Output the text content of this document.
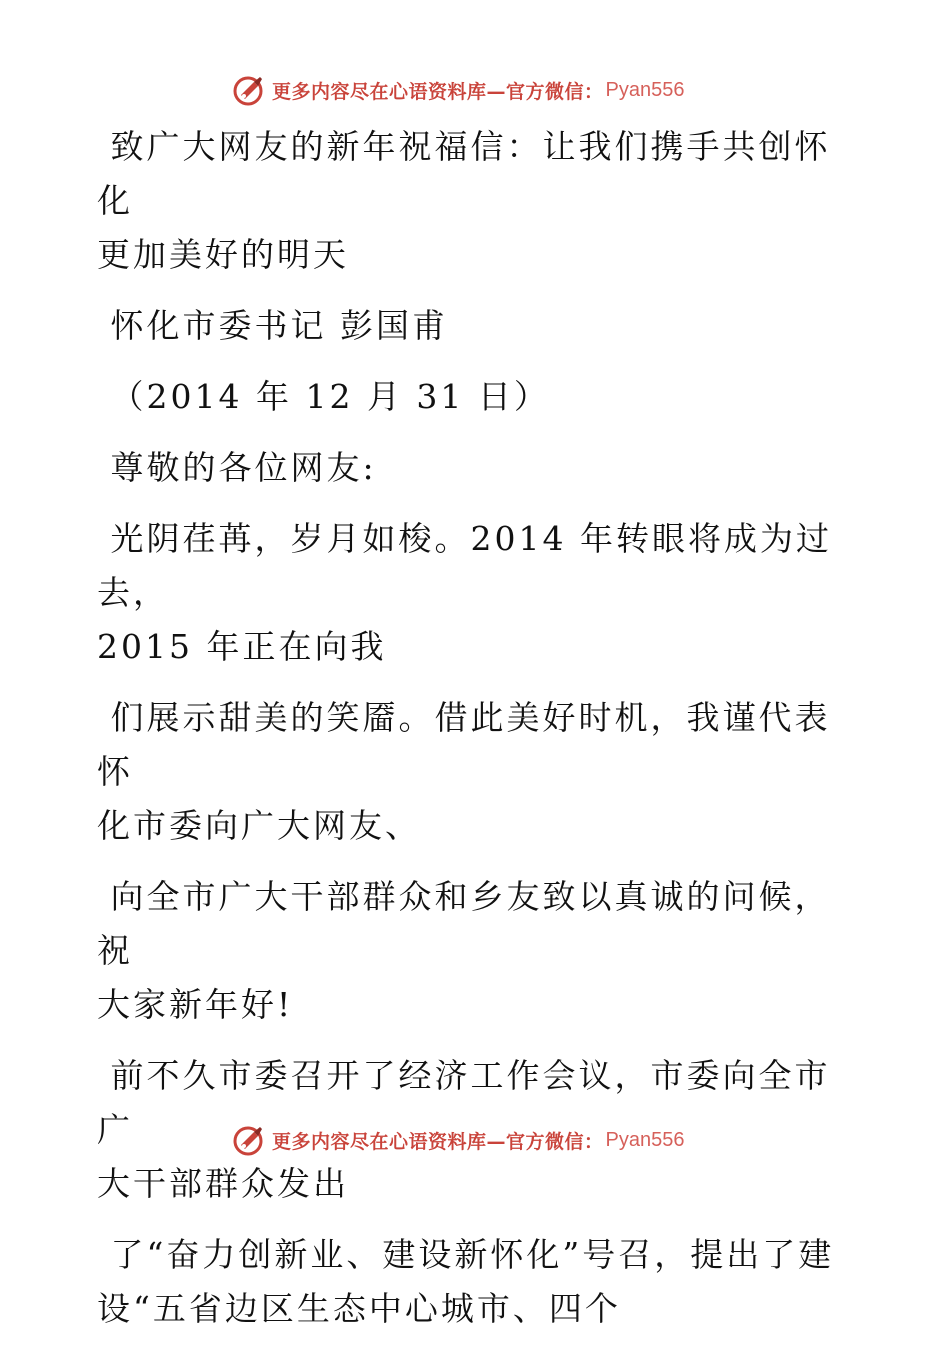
更多内容尽在心语资料库—官方微信： Pyan556

致广大网友的新年祝福信：让我们携手共创怀化
更加美好的明天

怀化市委书记 彭国甫

（2014 年 12 月 31 日）

尊敬的各位网友:

光阴荏苒，岁月如梭。2014 年转眼将成为过去，
2015 年正在向我

们展示甜美的笑靥。借此美好时机，我谨代表怀
化市委向广大网友、

向全市广大干部群众和乡友致以真诚的问候，祝
大家新年好!

前不久市委召开了经济工作会议，市委向全市广
大干部群众发出

了“奋力创新业、建设新怀化”号召，提出了建
设“五省边区生态中心城市、四个

更多内容尽在心语资料库—官方微信： Pyan556
